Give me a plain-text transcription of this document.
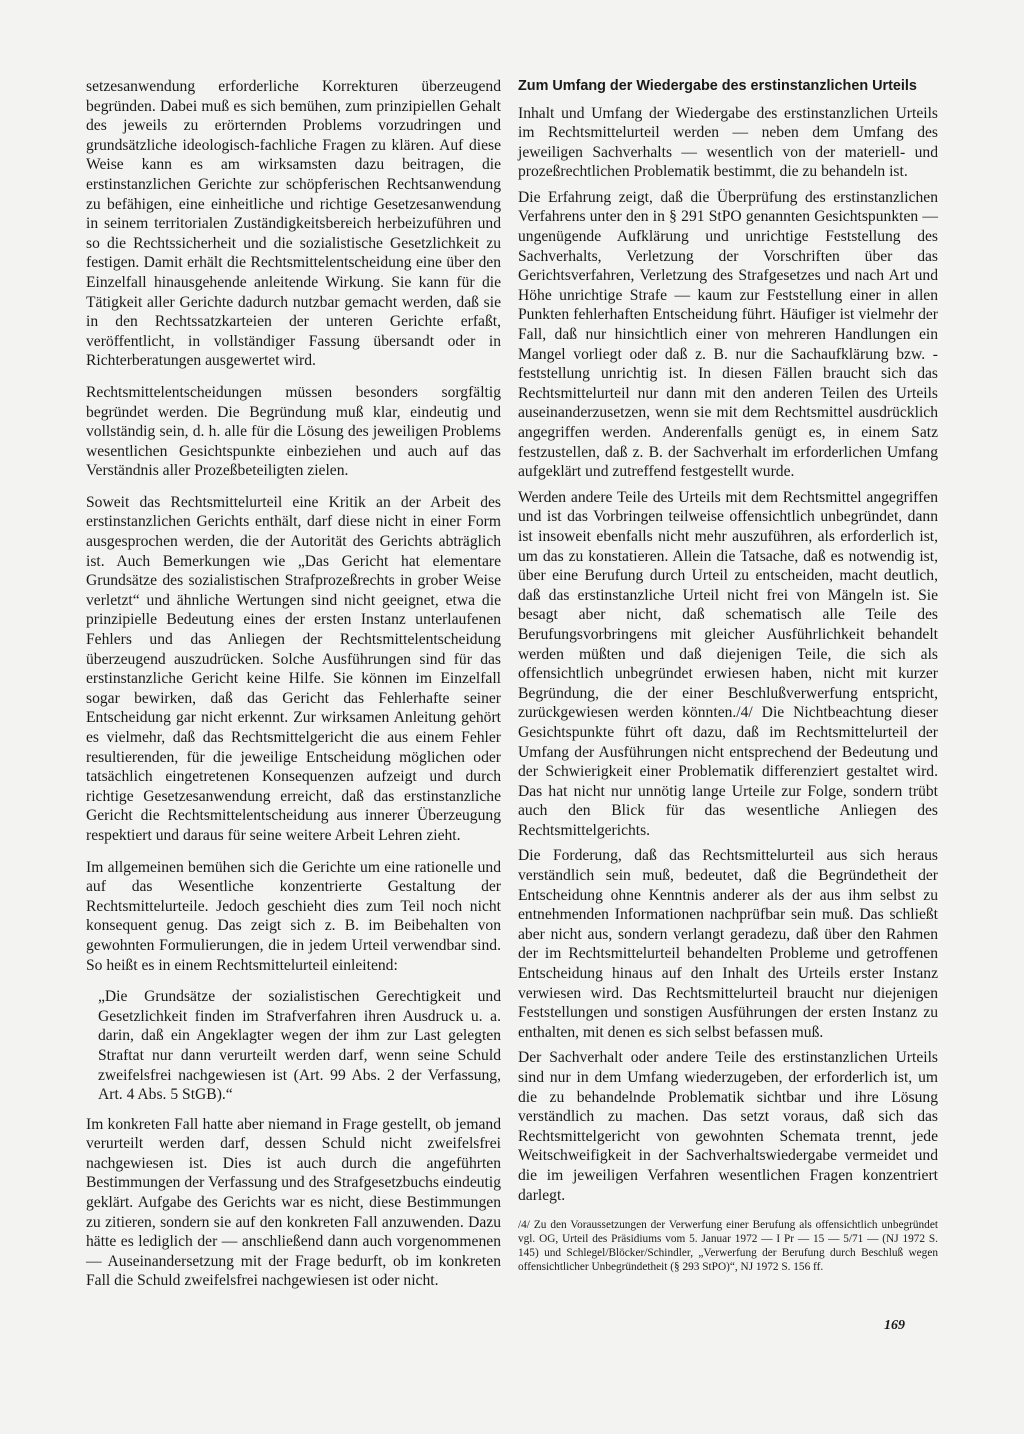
setzesanwendung erforderliche Korrekturen überzeugend begründen. Dabei muß es sich bemühen, zum prinzipiellen Gehalt des jeweils zu erörternden Problems vorzudringen und grundsätzliche ideologisch-fachliche Fragen zu klären. Auf diese Weise kann es am wirksamsten dazu beitragen, die erstinstanzlichen Gerichte zur schöpferischen Rechtsanwendung zu befähigen, eine einheitliche und richtige Gesetzesanwendung in seinem territorialen Zuständigkeitsbereich herbeizuführen und so die Rechtssicherheit und die sozialistische Gesetzlichkeit zu festigen. Damit erhält die Rechtsmittelentscheidung eine über den Einzelfall hinausgehende anleitende Wirkung. Sie kann für die Tätigkeit aller Gerichte dadurch nutzbar gemacht werden, daß sie in den Rechtssatzkarteien der unteren Gerichte erfaßt, veröffentlicht, in vollständiger Fassung übersandt oder in Richterberatungen ausgewertet wird.

Rechtsmittelentscheidungen müssen besonders sorgfältig begründet werden. Die Begründung muß klar, eindeutig und vollständig sein, d. h. alle für die Lösung des jeweiligen Problems wesentlichen Gesichtspunkte einbeziehen und auch auf das Verständnis aller Prozeßbeteiligten zielen.

Soweit das Rechtsmittelurteil eine Kritik an der Arbeit des erstinstanzlichen Gerichts enthält, darf diese nicht in einer Form ausgesprochen werden, die der Autorität des Gerichts abträglich ist. Auch Bemerkungen wie „Das Gericht hat elementare Grundsätze des sozialistischen Strafprozeßrechts in grober Weise verletzt“ und ähnliche Wertungen sind nicht geeignet, etwa die prinzipielle Bedeutung eines der ersten Instanz unterlaufenen Fehlers und das Anliegen der Rechtsmittelentscheidung überzeugend auszudrücken. Solche Ausführungen sind für das erstinstanzliche Gericht keine Hilfe. Sie können im Einzelfall sogar bewirken, daß das Gericht das Fehlerhafte seiner Entscheidung gar nicht erkennt. Zur wirksamen Anleitung gehört es vielmehr, daß das Rechtsmittelgericht die aus einem Fehler resultierenden, für die jeweilige Entscheidung möglichen oder tatsächlich eingetretenen Konsequenzen aufzeigt und durch richtige Gesetzesanwendung erreicht, daß das erstinstanzliche Gericht die Rechtsmittelentscheidung aus innerer Überzeugung respektiert und daraus für seine weitere Arbeit Lehren zieht.

Im allgemeinen bemühen sich die Gerichte um eine rationelle und auf das Wesentliche konzentrierte Gestaltung der Rechtsmittelurteile. Jedoch geschieht dies zum Teil noch nicht konsequent genug. Das zeigt sich z. B. im Beibehalten von gewohnten Formulierungen, die in jedem Urteil verwendbar sind. So heißt es in einem Rechtsmittelurteil einleitend:

„Die Grundsätze der sozialistischen Gerechtigkeit und Gesetzlichkeit finden im Strafverfahren ihren Ausdruck u. a. darin, daß ein Angeklagter wegen der ihm zur Last gelegten Straftat nur dann verurteilt werden darf, wenn seine Schuld zweifelsfrei nachgewiesen ist (Art. 99 Abs. 2 der Verfassung, Art. 4 Abs. 5 StGB).“

Im konkreten Fall hatte aber niemand in Frage gestellt, ob jemand verurteilt werden darf, dessen Schuld nicht zweifelsfrei nachgewiesen ist. Dies ist auch durch die angeführten Bestimmungen der Verfassung und des Strafgesetzbuchs eindeutig geklärt. Aufgabe des Gerichts war es nicht, diese Bestimmungen zu zitieren, sondern sie auf den konkreten Fall anzuwenden. Dazu hätte es lediglich der — anschließend dann auch vorgenommenen — Auseinandersetzung mit der Frage bedurft, ob im konkreten Fall die Schuld zweifelsfrei nachgewiesen ist oder nicht.

Zum Umfang der Wiedergabe des erstinstanzlichen Urteils

Inhalt und Umfang der Wiedergabe des erstinstanzlichen Urteils im Rechtsmittelurteil werden — neben dem Umfang des jeweiligen Sachverhalts — wesentlich von der materiell- und prozeßrechtlichen Problematik bestimmt, die zu behandeln ist.

Die Erfahrung zeigt, daß die Überprüfung des erstinstanzlichen Verfahrens unter den in § 291 StPO genannten Gesichtspunkten — ungenügende Aufklärung und unrichtige Feststellung des Sachverhalts, Verletzung der Vorschriften über das Gerichtsverfahren, Verletzung des Strafgesetzes und nach Art und Höhe unrichtige Strafe — kaum zur Feststellung einer in allen Punkten fehlerhaften Entscheidung führt. Häufiger ist vielmehr der Fall, daß nur hinsichtlich einer von mehreren Handlungen ein Mangel vorliegt oder daß z. B. nur die Sachaufklärung bzw. -feststellung unrichtig ist. In diesen Fällen braucht sich das Rechtsmittelurteil nur dann mit den anderen Teilen des Urteils auseinanderzusetzen, wenn sie mit dem Rechtsmittel ausdrücklich angegriffen werden. Anderenfalls genügt es, in einem Satz festzustellen, daß z. B. der Sachverhalt im erforderlichen Umfang aufgeklärt und zutreffend festgestellt wurde.

Werden andere Teile des Urteils mit dem Rechtsmittel angegriffen und ist das Vorbringen teilweise offensichtlich unbegründet, dann ist insoweit ebenfalls nicht mehr auszuführen, als erforderlich ist, um das zu konstatieren. Allein die Tatsache, daß es notwendig ist, über eine Berufung durch Urteil zu entscheiden, macht deutlich, daß das erstinstanzliche Urteil nicht frei von Mängeln ist. Sie besagt aber nicht, daß schematisch alle Teile des Berufungsvorbringens mit gleicher Ausführlichkeit behandelt werden müßten und daß diejenigen Teile, die sich als offensichtlich unbegründet erwiesen haben, nicht mit kurzer Begründung, die der einer Beschlußverwerfung entspricht, zurückgewiesen werden könnten./4/ Die Nichtbeachtung dieser Gesichtspunkte führt oft dazu, daß im Rechtsmittelurteil der Umfang der Ausführungen nicht entsprechend der Bedeutung und der Schwierigkeit einer Problematik differenziert gestaltet wird. Das hat nicht nur unnötig lange Urteile zur Folge, sondern trübt auch den Blick für das wesentliche Anliegen des Rechtsmittelgerichts.

Die Forderung, daß das Rechtsmittelurteil aus sich heraus verständlich sein muß, bedeutet, daß die Begründetheit der Entscheidung ohne Kenntnis anderer als der aus ihm selbst zu entnehmenden Informationen nachprüfbar sein muß. Das schließt aber nicht aus, sondern verlangt geradezu, daß über den Rahmen der im Rechtsmittelurteil behandelten Probleme und getroffenen Entscheidung hinaus auf den Inhalt des Urteils erster Instanz verwiesen wird. Das Rechtsmittelurteil braucht nur diejenigen Feststellungen und sonstigen Ausführungen der ersten Instanz zu enthalten, mit denen es sich selbst befassen muß.

Der Sachverhalt oder andere Teile des erstinstanzlichen Urteils sind nur in dem Umfang wiederzugeben, der erforderlich ist, um die zu behandelnde Problematik sichtbar und ihre Lösung verständlich zu machen. Das setzt voraus, daß sich das Rechtsmittelgericht von gewohnten Schemata trennt, jede Weitschweifigkeit in der Sachverhaltswiedergabe vermeidet und die im jeweiligen Verfahren wesentlichen Fragen konzentriert darlegt.

/4/ Zu den Voraussetzungen der Verwerfung einer Berufung als offensichtlich unbegründet vgl. OG, Urteil des Präsidiums vom 5. Januar 1972 — I Pr — 15 — 5/71 — (NJ 1972 S. 145) und Schlegel/Blöcker/Schindler, „Verwerfung der Berufung durch Beschluß wegen offensichtlicher Unbegründetheit (§ 293 StPO)“, NJ 1972 S. 156 ff.
169
